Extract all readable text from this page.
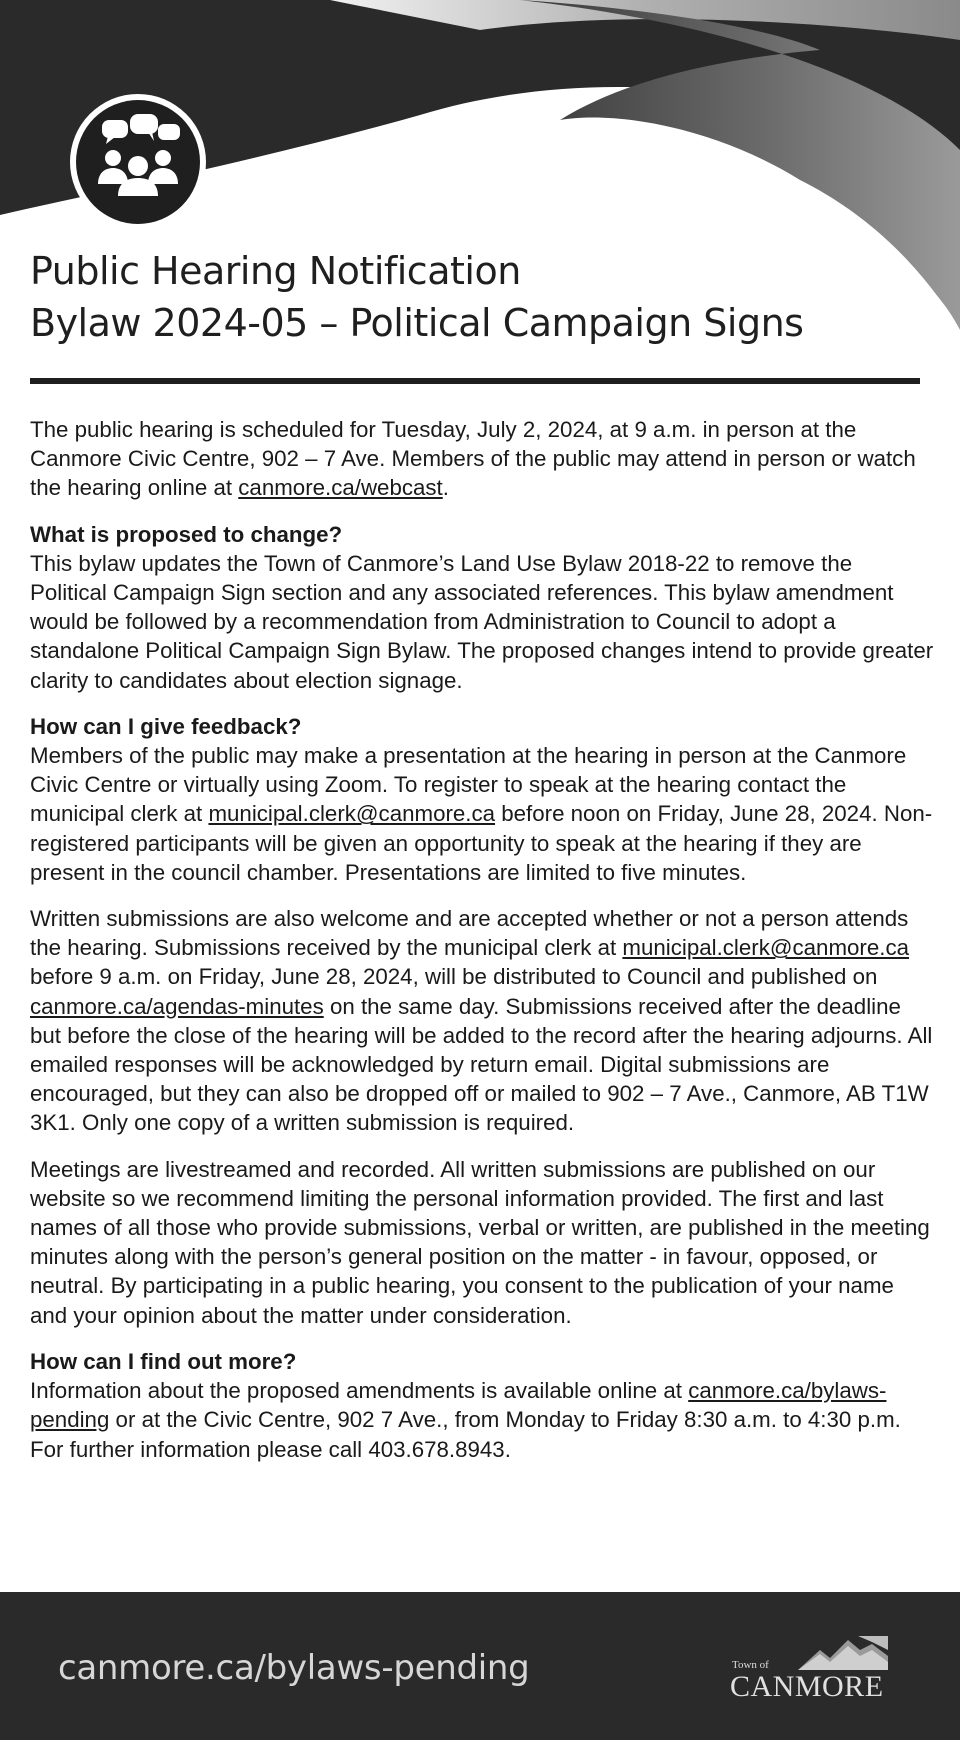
Public Hearing Notification
Bylaw 2024-05 – Political Campaign Signs

The public hearing is scheduled for Tuesday, July 2, 2024, at 9 a.m. in person at the Canmore Civic Centre, 902 – 7 Ave. Members of the public may attend in person or watch the hearing online at canmore.ca/webcast.

What is proposed to change?
This bylaw updates the Town of Canmore’s Land Use Bylaw 2018-22 to remove the Political Campaign Sign section and any associated references. This bylaw amendment would be followed by a recommendation from Administration to Council to adopt a standalone Political Campaign Sign Bylaw. The proposed changes intend to provide greater clarity to candidates about election signage.

How can I give feedback?
Members of the public may make a presentation at the hearing in person at the Canmore Civic Centre or virtually using Zoom. To register to speak at the hearing contact the municipal clerk at municipal.clerk@canmore.ca before noon on Friday, June 28, 2024. Non-registered participants will be given an opportunity to speak at the hearing if they are present in the council chamber. Presentations are limited to five minutes.

Written submissions are also welcome and are accepted whether or not a person attends the hearing. Submissions received by the municipal clerk at municipal.clerk@canmore.ca before 9 a.m. on Friday, June 28, 2024, will be distributed to Council and published on canmore.ca/agendas-minutes on the same day. Submissions received after the deadline but before the close of the hearing will be added to the record after the hearing adjourns. All emailed responses will be acknowledged by return email. Digital submissions are encouraged, but they can also be dropped off or mailed to 902 – 7 Ave., Canmore, AB T1W 3K1. Only one copy of a written submission is required.

Meetings are livestreamed and recorded. All written submissions are published on our website so we recommend limiting the personal information provided. The first and last names of all those who provide submissions, verbal or written, are published in the meeting minutes along with the person’s general position on the matter - in favour, opposed, or neutral. By participating in a public hearing, you consent to the publication of your name and your opinion about the matter under consideration.

How can I find out more?
Information about the proposed amendments is available online at canmore.ca/bylaws-pending or at the Civic Centre, 902 7 Ave., from Monday to Friday 8:30 a.m. to 4:30 p.m. For further information please call 403.678.8943.

canmore.ca/bylaws-pending	Town of
CANMORE
